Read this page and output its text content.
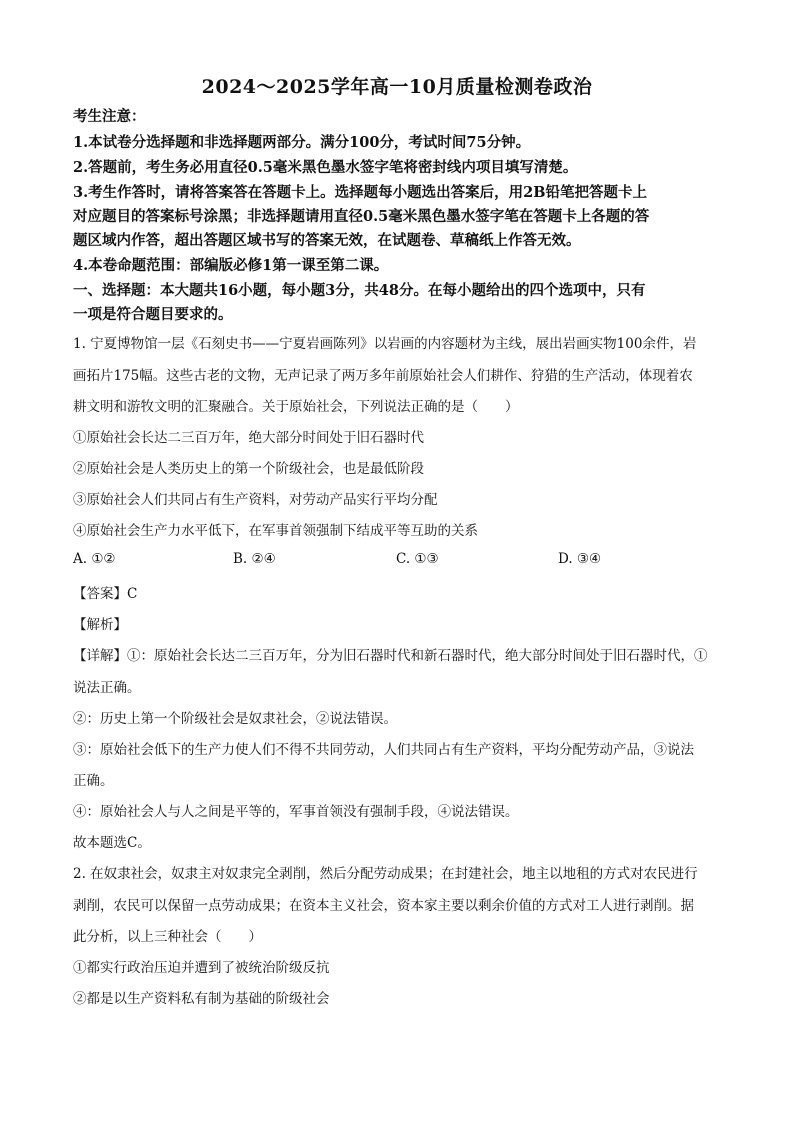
2024～2025学年高一10月质量检测卷政治
考生注意：
1.本试卷分选择题和非选择题两部分。满分100分，考试时间75分钟。
2.答题前，考生务必用直径0.5毫米黑色墨水签字笔将密封线内项目填写清楚。
3.考生作答时，请将答案答在答题卡上。选择题每小题选出答案后，用2B铅笔把答题卡上
对应题目的答案标号涂黑；非选择题请用直径0.5毫米黑色墨水签字笔在答题卡上各题的答
题区域内作答，超出答题区域书写的答案无效，在试题卷、草稿纸上作答无效。
4.本卷命题范围：部编版必修1第一课至第二课。
一、选择题：本大题共16小题，每小题3分，共48分。在每小题给出的四个选项中，只有
一项是符合题目要求的。
1. 宁夏博物馆一层《石刻史书——宁夏岩画陈列》以岩画的内容题材为主线，展出岩画实物100余件，岩
画拓片175幅。这些古老的文物，无声记录了两万多年前原始社会人们耕作、狩猎的生产活动，体现着农
耕文明和游牧文明的汇聚融合。关于原始社会，下列说法正确的是（　　）
①原始社会长达二三百万年，绝大部分时间处于旧石器时代
②原始社会是人类历史上的第一个阶级社会，也是最低阶段
③原始社会人们共同占有生产资料，对劳动产品实行平均分配
④原始社会生产力水平低下，在军事首领强制下结成平等互助的关系
A. ①②	B. ②④	C. ①③	D. ③④
【答案】C
【解析】
【详解】①：原始社会长达二三百万年，分为旧石器时代和新石器时代，绝大部分时间处于旧石器时代，①
说法正确。
②：历史上第一个阶级社会是奴隶社会，②说法错误。
③：原始社会低下的生产力使人们不得不共同劳动，人们共同占有生产资料，平均分配劳动产品，③说法
正确。
④：原始社会人与人之间是平等的，军事首领没有强制手段，④说法错误。
故本题选C。
2. 在奴隶社会，奴隶主对奴隶完全剥削，然后分配劳动成果；在封建社会，地主以地租的方式对农民进行
剥削，农民可以保留一点劳动成果；在资本主义社会，资本家主要以剩余价值的方式对工人进行剥削。据
此分析，以上三种社会（　　）
①都实行政治压迫并遭到了被统治阶级反抗
②都是以生产资料私有制为基础的阶级社会
